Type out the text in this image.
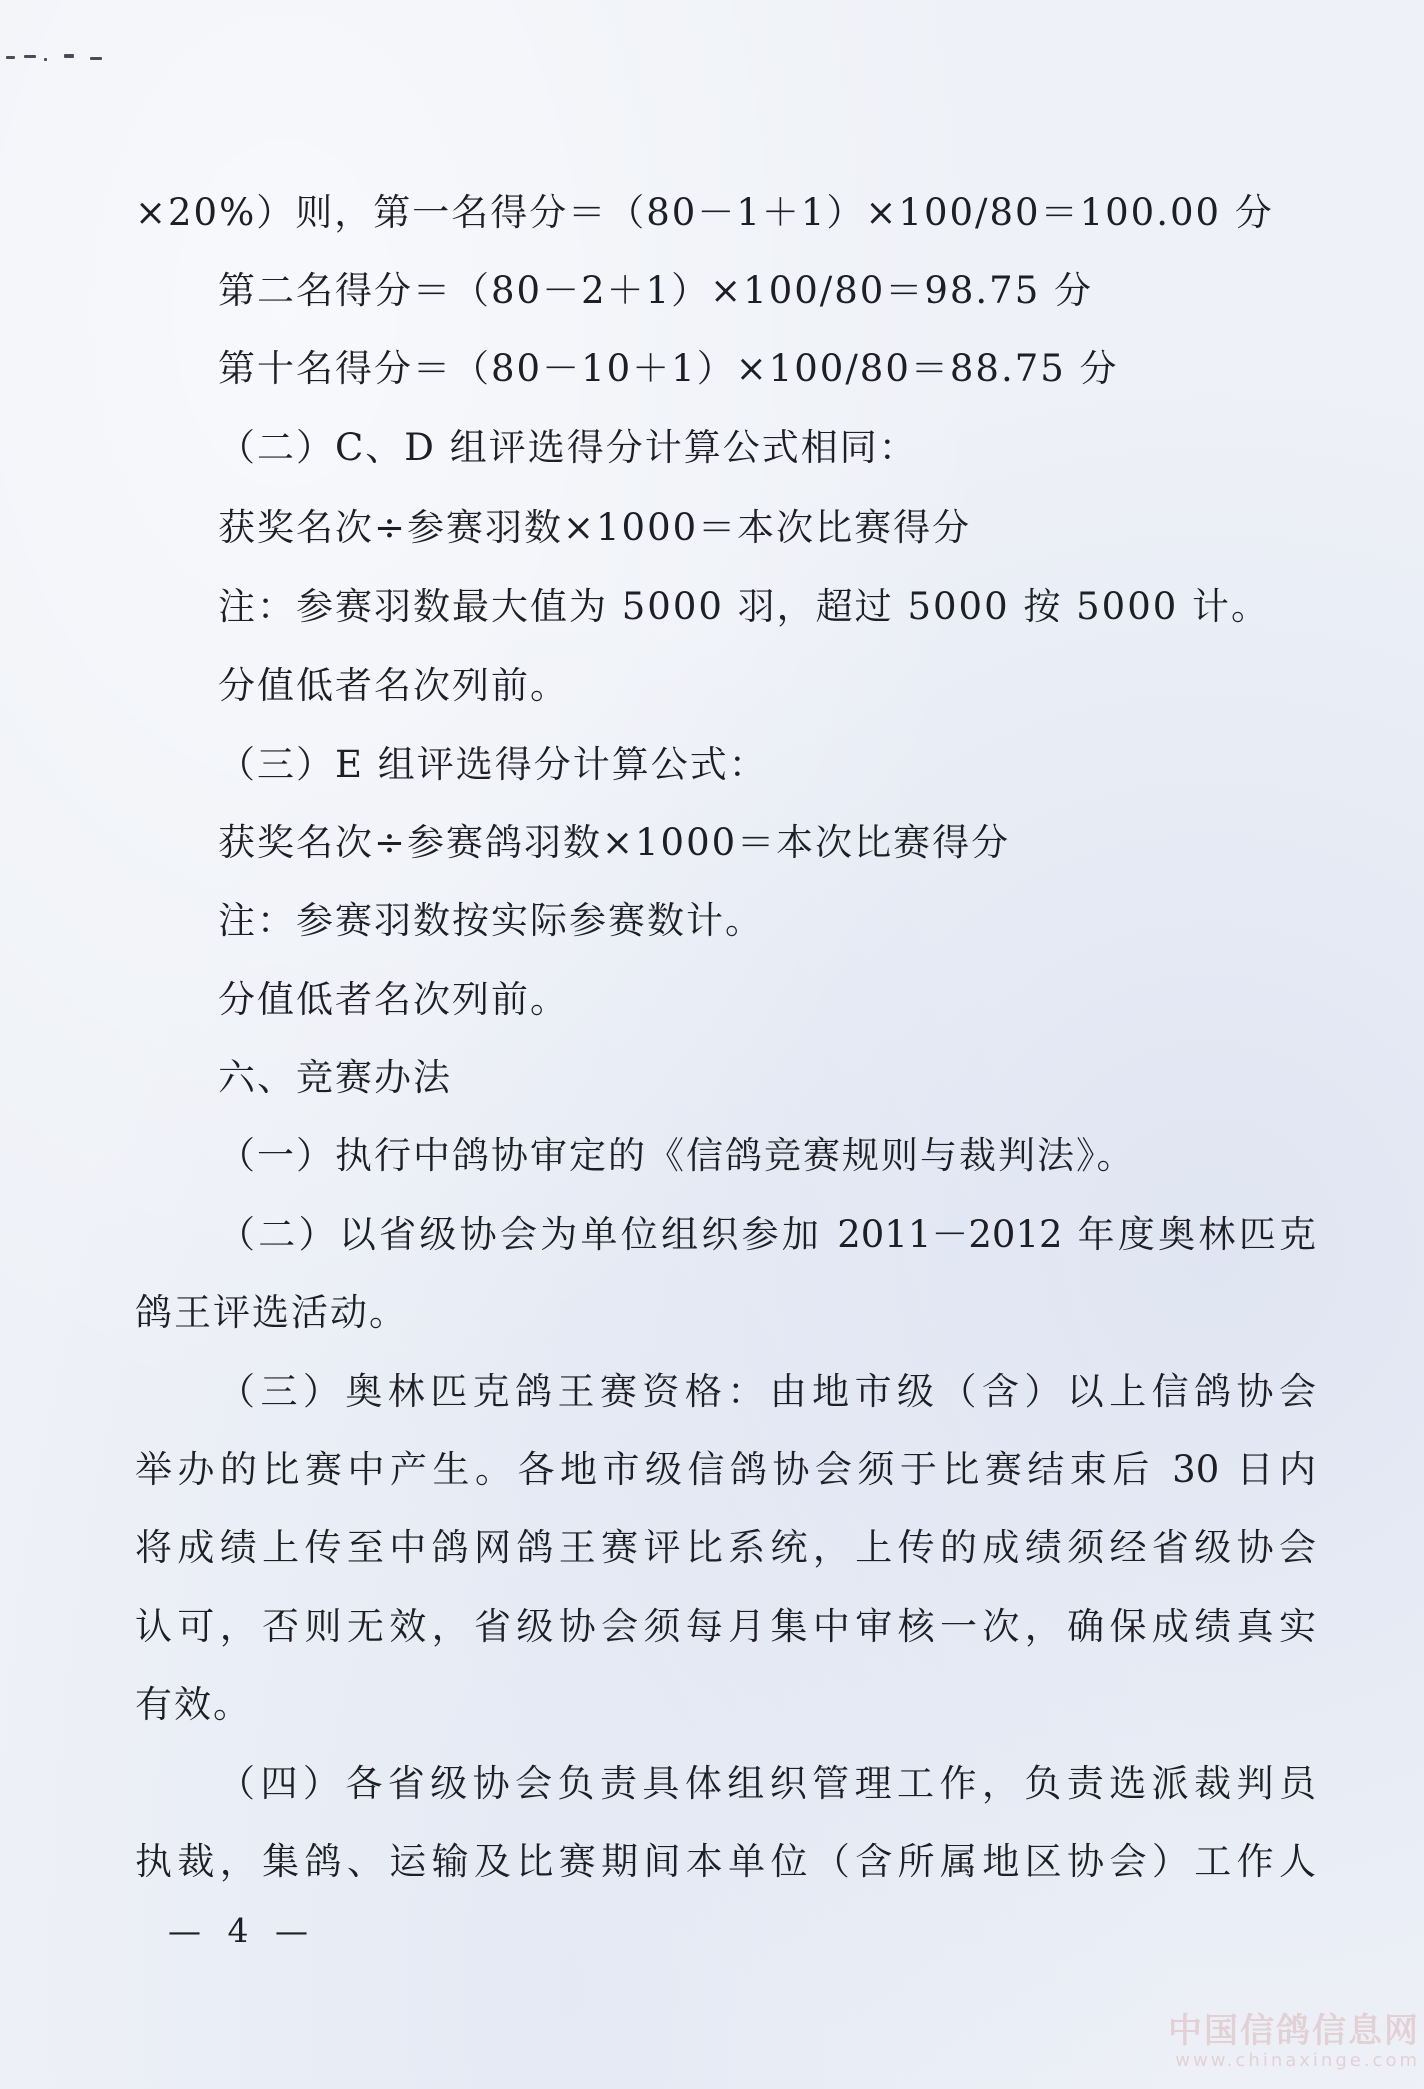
×20%）则，第一名得分＝（80－1＋1）×100/80＝100.00 分
第二名得分＝（80－2＋1）×100/80＝98.75 分
第十名得分＝（80－10＋1）×100/80＝88.75 分
（二）C、D 组评选得分计算公式相同：
获奖名次÷参赛羽数×1000＝本次比赛得分
注：参赛羽数最大值为 5000 羽，超过 5000 按 5000 计。
分值低者名次列前。
（三）E 组评选得分计算公式：
获奖名次÷参赛鸽羽数×1000＝本次比赛得分
注：参赛羽数按实际参赛数计。
分值低者名次列前。
六、竞赛办法
（一）执行中鸽协审定的《信鸽竞赛规则与裁判法》。
（二）以省级协会为单位组织参加 2011－2012 年度奥林匹克
鸽王评选活动。
（三）奥林匹克鸽王赛资格：由地市级（含）以上信鸽协会
举办的比赛中产生。各地市级信鸽协会须于比赛结束后 30 日内
将成绩上传至中鸽网鸽王赛评比系统，上传的成绩须经省级协会
认可，否则无效，省级协会须每月集中审核一次，确保成绩真实
有效。
（四）各省级协会负责具体组织管理工作，负责选派裁判员
执裁，集鸽、运输及比赛期间本单位（含所属地区协会）工作人
— 4 —
中国信鸽信息网
www.chinaxinge.com
